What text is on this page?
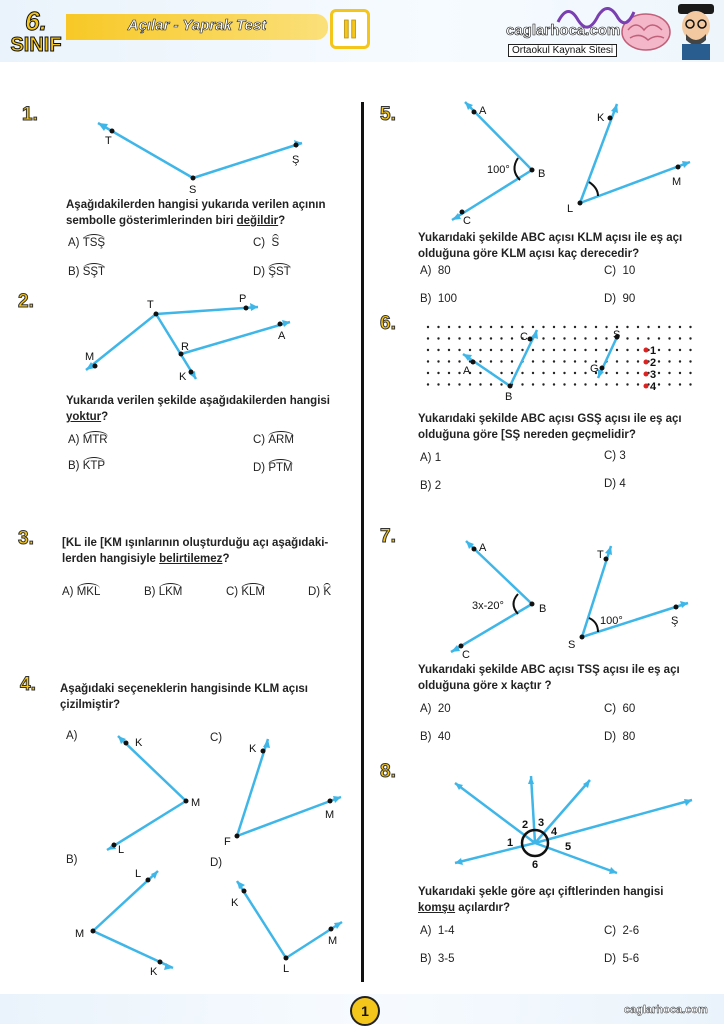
6.
SINIF
Açılar - Yaprak Test	II	caglarhoca.com
Ortaokul Kaynak Sitesi
1.
T
S
Ş
Aşağıdakilerden hangisi yukarıda verilen açının
sembolle gösterimlerinden biri değildir?
A) TSŞ	C) S
B) SŞT	D) ŞST
2.	T	P
M
R
A
K
Yukarıda verilen şekilde aşağıdakilerden hangisi
yoktur?
A) MTR	C) ARM
B) KTP	D) PTM
3. [KL ile [KM ışınlarının oluşturduğu açı aşağıdaki-
lerden hangisiyle belirtilemez?
A) MKL	B) LKM	C) KLM	D) K
4. Aşağıdaki seçeneklerin hangisinde KLM açısı
çizilmiştir?
A)	C)
B)	D)
K
M
L
K
F
M
L
M
K
K
L
M
5.	A
B
C
100°
K
L
M
Yukarıdaki şekilde ABC açısı KLM açısı ile eş açı
olduğuna göre KLM açısı kaç derecedir?
A) 80	C) 10
B) 100	D) 90
6.
A
B
C	S
G
1
2
3
4
Yukarıdaki şekilde ABC açısı GSŞ açısı ile eş açı
olduğuna göre [SŞ nereden geçmelidir?
A) 1	C) 3
B) 2	D) 4
7.
A
B
C
3x-20°
T
S
Ş
100°
Yukarıdaki şekilde ABC açısı TSŞ açısı ile eş açı
olduğuna göre x kaçtır ?
A) 20	C) 60
B) 40	D) 80
8.
1
2 3
4
5
6
Yukarıdaki şekle göre açı çiftlerinden hangisi
komşu açılardır?
A) 1-4	C) 2-6
B) 3-5	D) 5-6
1	caglarhoca.com
